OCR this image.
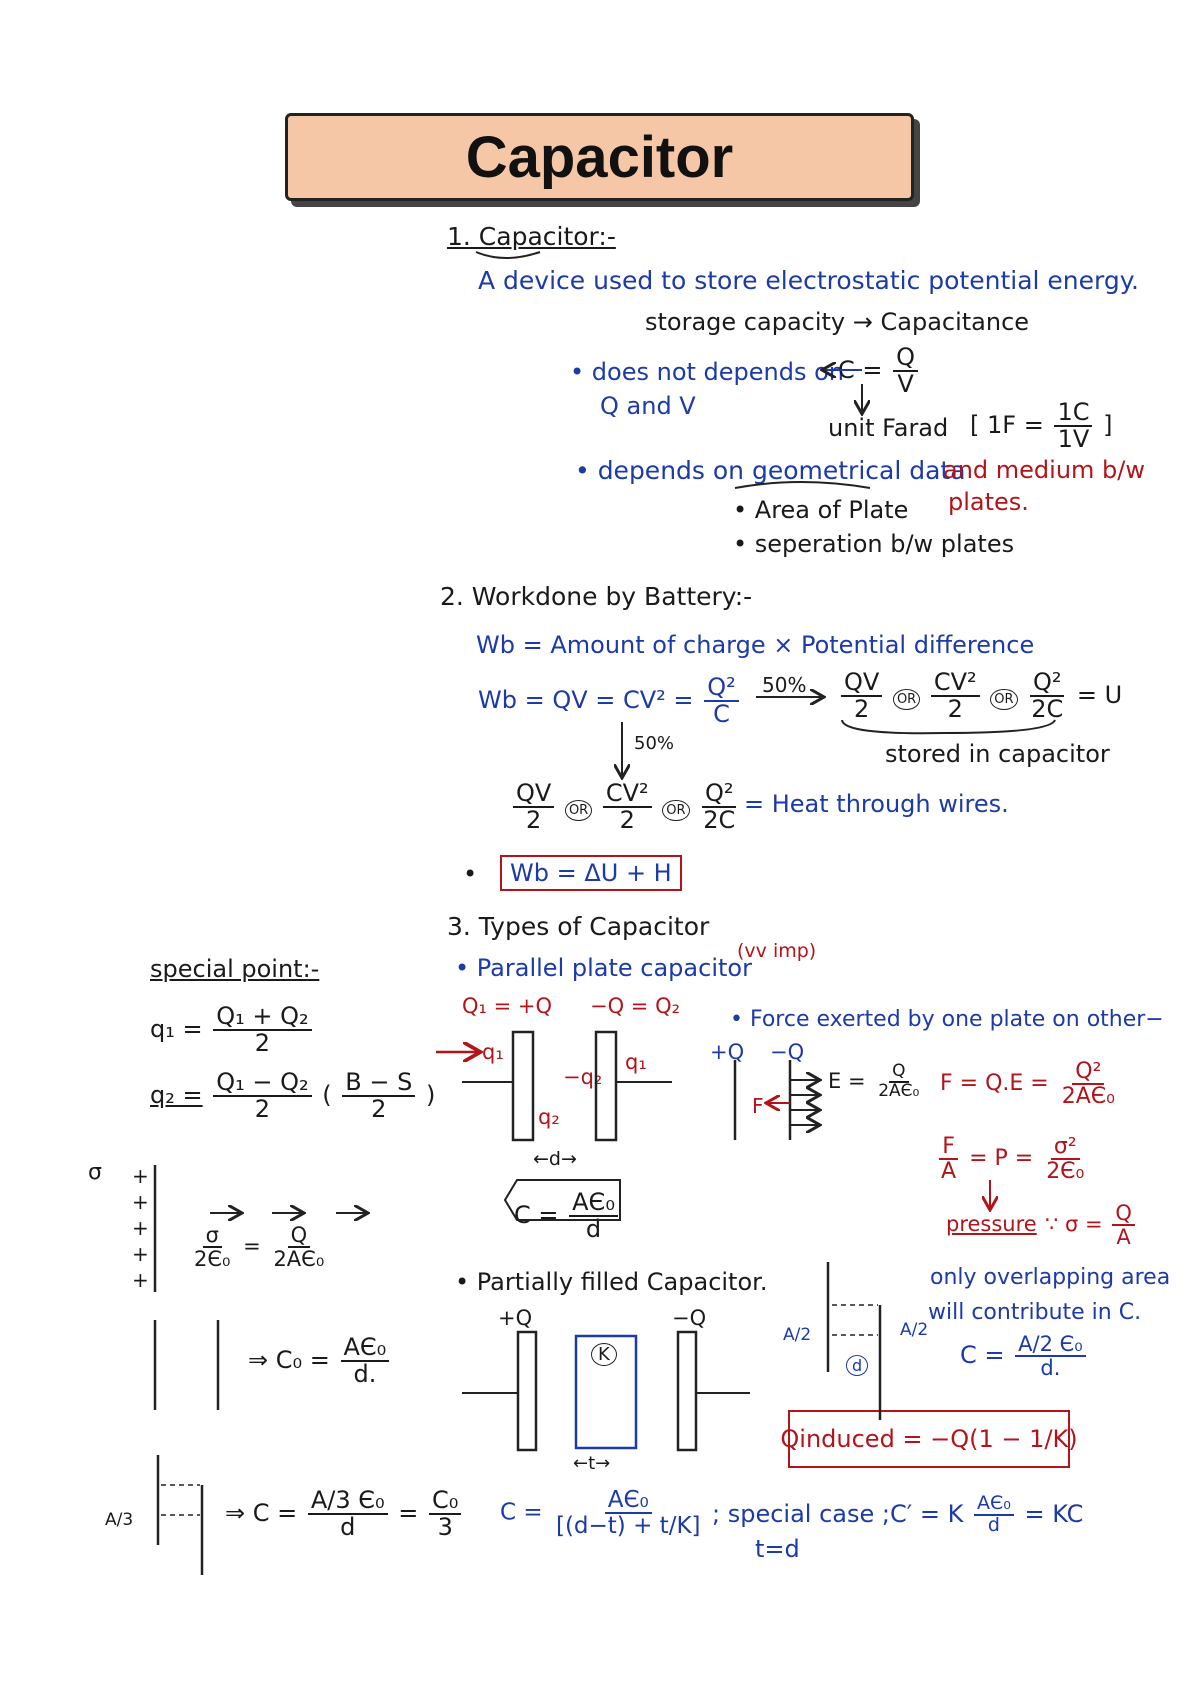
Capacitor
1. Capacitor:-
A device used to store electrostatic potential energy.
storage capacity → Capacitance
• does not depends on
Q and V
$C = \frac{Q}{V}$
unit Farad [ $1F = \frac{1C}{1V}$ ]
• depends on geometrical data
and medium b/w
plates.
• Area of Plate
• seperation b/w plates
2. Workdone by Battery:-
Wb = Amount of charge × Potential difference
Wb = QV = $CV^2 = \frac{\text{Q²}}{C} 50\% \frac{QV}{2}$ OR $\frac{\text{CV²}}{2}$ OR $\frac{\text{Q²}}{2C} = U$
stored in capacitor
50%
$\frac{QV}{2}$ OR $\frac{\text{CV²}}{2}$ OR $\frac{\text{Q²}}{2C}$ = Heat through wires.
•	Wb = ΔU + H
3. Types of Capacitor
• Parallel plate capacitor
(vv imp)
Q₁ = +Q −Q = Q₂
q₁
q₂
−q₂
q₁
←d→
$C = \frac{\text{AЄ₀}}{d}$
• Force exerted by one plate on other−
+Q −Q
F
$E = \frac{Q}{\text{2AЄ₀}}$ $F = Q.E = \frac{\text{Q²}}{\text{2AЄ₀}}$
$\frac{F}{A} = P = \frac{\text{σ²}}{\text{2Є₀}}$
pressure ∵ $\sigma = \frac{Q}{A}$
• Partially filled Capacitor.
+Q	−Q
K
←t→
$C = \frac{\text{AЄ₀}}{[(d-t) + t/K]}$ ; special case ;
t=d
C′ = K $\frac{\text{AЄ₀}}{d}$ = KC
only overlapping area
will contribute in C.
A/2	A/2
d	$C = \frac{\text{A/2 Є₀}}{d.}$
Qinduced = −Q(1 − 1/K)
special point:-
$q_1 = \frac{\text{Q₁ + Q₂}}{2}$
$q_2 = \frac{\text{Q₁ − Q₂}}{2}$ ( $\frac{B - S}{2}$ )
σ +
+
+
+
+
$\frac{\sigma}{\text{2Є₀}} = \frac{Q}{\text{2AЄ₀}}$
⇒ $C_0 = \frac{\text{AЄ₀}}{d.}$
A/3	⇒ $C = \frac{\text{A/3 Є₀}}{d} = \frac{\text{C₀}}{3}$
